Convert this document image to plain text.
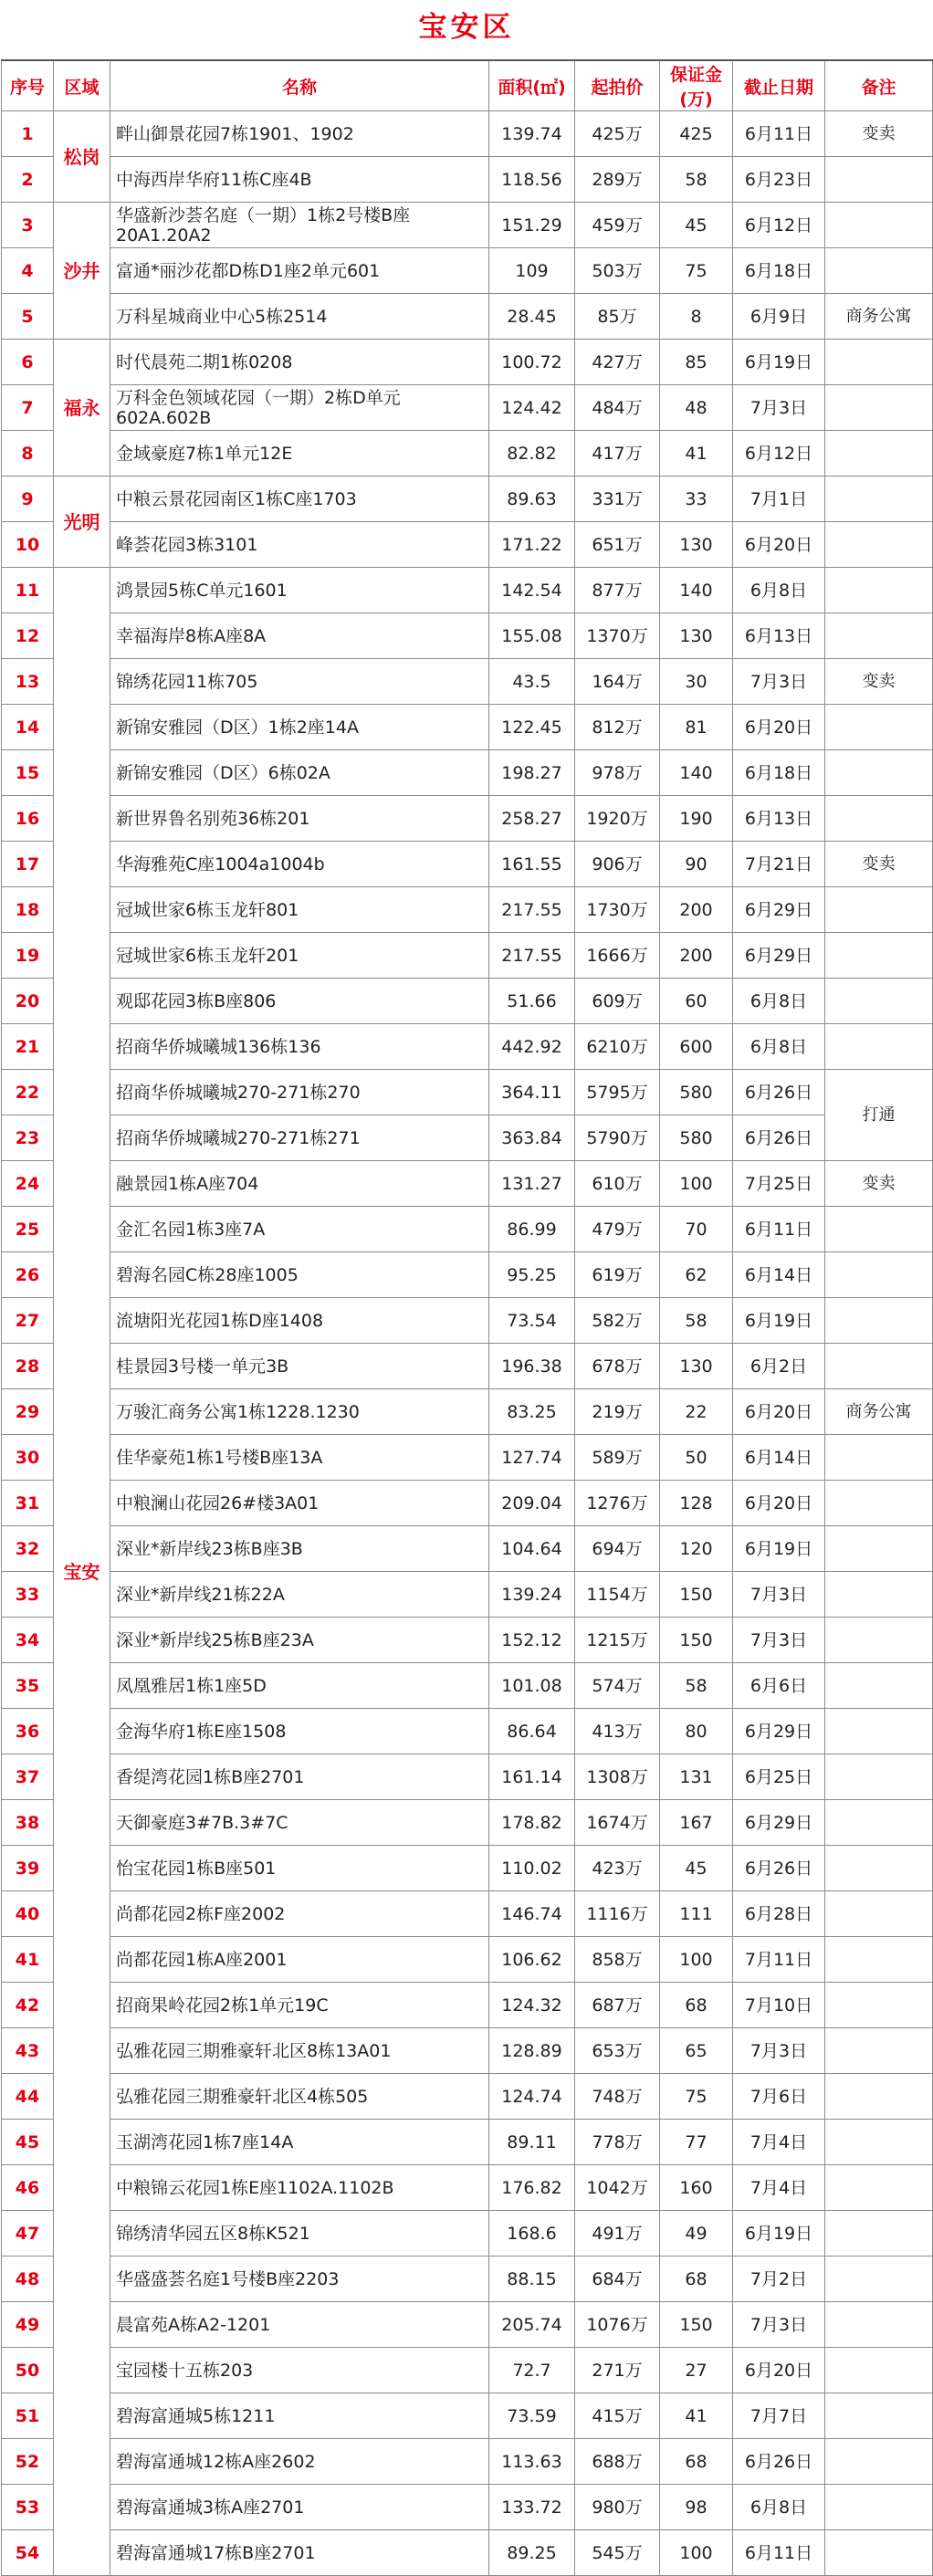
宝安区
序号	区域	名称	面积(㎡)	起拍价	保证金(万)	截止日期	备注
1	松岗	畔山御景花园7栋1901、1902	139.74	425万	425	6月11日	变卖
2		中海西岸华府11栋C座4B	118.56	289万	58	6月23日	
3	沙井	华盛新沙荟名庭（一期）1栋2号楼B座
20A1.20A2	151.29	459万	45	6月12日	
4		富通*丽沙花都D栋D1座2单元601	109	503万	75	6月18日	
5		万科星城商业中心5栋2514	28.45	85万	8	6月9日	商务公寓
6	福永	时代晨苑二期1栋0208	100.72	427万	85	6月19日	
7		万科金色领域花园（一期）2栋D单元
602A.602B	124.42	484万	48	7月3日	
8		金域豪庭7栋1单元12E	82.82	417万	41	6月12日	
9	光明	中粮云景花园南区1栋C座1703	89.63	331万	33	7月1日	
10		峰荟花园3栋3101	171.22	651万	130	6月20日	
11	宝安	鸿景园5栋C单元1601	142.54	877万	140	6月8日	
12		幸福海岸8栋A座8A	155.08	1370万	130	6月13日	
13		锦绣花园11栋705	43.5	164万	30	7月3日	变卖
14		新锦安雅园（D区）1栋2座14A	122.45	812万	81	6月20日	
15		新锦安雅园（D区）6栋02A	198.27	978万	140	6月18日	
16		新世界鲁名别苑36栋201	258.27	1920万	190	6月13日	
17		华海雅苑C座1004a1004b	161.55	906万	90	7月21日	变卖
18		冠城世家6栋玉龙轩801	217.55	1730万	200	6月29日	
19		冠城世家6栋玉龙轩201	217.55	1666万	200	6月29日	
20		观邸花园3栋B座806	51.66	609万	60	6月8日	
21		招商华侨城曦城136栋136	442.92	6210万	600	6月8日	
22		招商华侨城曦城270-271栋270	364.11	5795万	580	6月26日	打通
23		招商华侨城曦城270-271栋271	363.84	5790万	580	6月26日	
24		融景园1栋A座704	131.27	610万	100	7月25日	变卖
25		金汇名园1栋3座7A	86.99	479万	70	6月11日	
26		碧海名园C栋28座1005	95.25	619万	62	6月14日	
27		流塘阳光花园1栋D座1408	73.54	582万	58	6月19日	
28		桂景园3号楼一单元3B	196.38	678万	130	6月2日	
29		万骏汇商务公寓1栋1228.1230	83.25	219万	22	6月20日	商务公寓
30		佳华豪苑1栋1号楼B座13A	127.74	589万	50	6月14日	
31		中粮澜山花园26#楼3A01	209.04	1276万	128	6月20日	
32		深业*新岸线23栋B座3B	104.64	694万	120	6月19日	
33		深业*新岸线21栋22A	139.24	1154万	150	7月3日	
34		深业*新岸线25栋B座23A	152.12	1215万	150	7月3日	
35		凤凰雅居1栋1座5D	101.08	574万	58	6月6日	
36		金海华府1栋E座1508	86.64	413万	80	6月29日	
37		香缇湾花园1栋B座2701	161.14	1308万	131	6月25日	
38		天御豪庭3#7B.3#7C	178.82	1674万	167	6月29日	
39		怡宝花园1栋B座501	110.02	423万	45	6月26日	
40		尚都花园2栋F座2002	146.74	1116万	111	6月28日	
41		尚都花园1栋A座2001	106.62	858万	100	7月11日	
42		招商果岭花园2栋1单元19C	124.32	687万	68	7月10日	
43		弘雅花园三期雅豪轩北区8栋13A01	128.89	653万	65	7月3日	
44		弘雅花园三期雅豪轩北区4栋505	124.74	748万	75	7月6日	
45		玉湖湾花园1栋7座14A	89.11	778万	77	7月4日	
46		中粮锦云花园1栋E座1102A.1102B	176.82	1042万	160	7月4日	
47		锦绣清华园五区8栋K521	168.6	491万	49	6月19日	
48		华盛盛荟名庭1号楼B座2203	88.15	684万	68	7月2日	
49		晨富苑A栋A2-1201	205.74	1076万	150	7月3日	
50		宝园楼十五栋203	72.7	271万	27	6月20日	
51		碧海富通城5栋1211	73.59	415万	41	7月7日	
52		碧海富通城12栋A座2602	113.63	688万	68	6月26日	
53		碧海富通城3栋A座2701	133.72	980万	98	6月8日	
54		碧海富通城17栋B座2701	89.25	545万	100	6月11日	
